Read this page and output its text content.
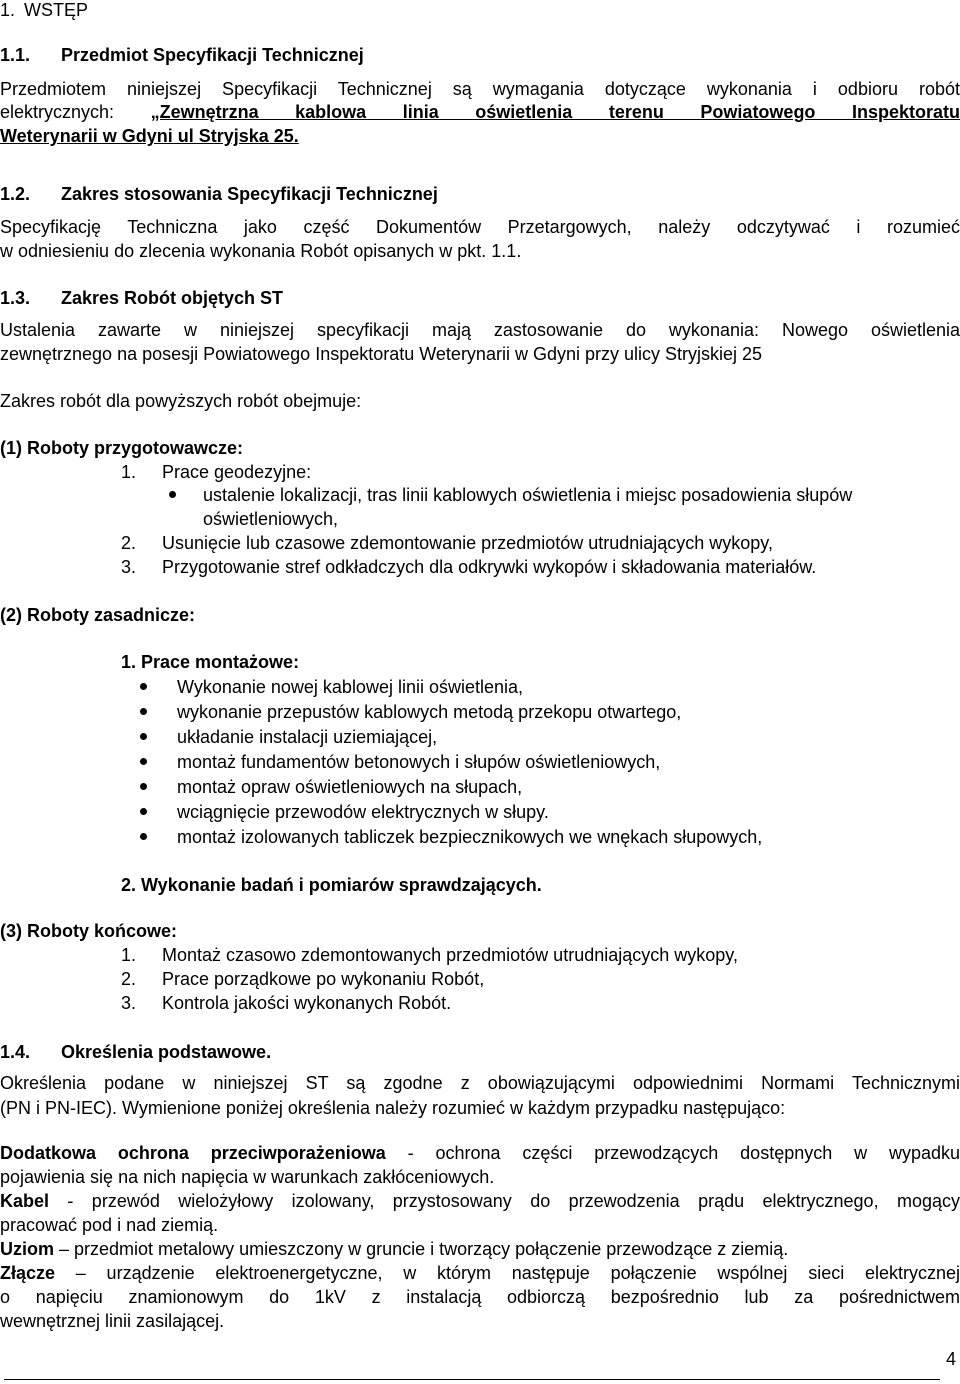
1. WSTĘP
1.1. Przedmiot Specyfikacji Technicznej
Przedmiotem niniejszej Specyfikacji Technicznej są wymagania dotyczące wykonania i odbioru robót
elektrycznych: „Zewnętrzna kablowa linia oświetlenia terenu Powiatowego Inspektoratu
Weterynarii w Gdyni ul Stryjska 25.
1.2. Zakres stosowania Specyfikacji Technicznej
Specyfikację Techniczna jako część Dokumentów Przetargowych, należy odczytywać i rozumieć
w odniesieniu do zlecenia wykonania Robót opisanych w pkt. 1.1.
1.3. Zakres Robót objętych ST
Ustalenia zawarte w niniejszej specyfikacji mają zastosowanie do wykonania: Nowego oświetlenia
zewnętrznego na posesji Powiatowego Inspektoratu Weterynarii w Gdyni przy ulicy Stryjskiej 25
Zakres robót dla powyższych robót obejmuje:
(1) Roboty przygotowawcze:
1. Prace geodezyjne:
ustalenie lokalizacji, tras linii kablowych oświetlenia i miejsc posadowienia słupów
oświetleniowych,
2. Usunięcie lub czasowe zdemontowanie przedmiotów utrudniających wykopy,
3. Przygotowanie stref odkładczych dla odkrywki wykopów i składowania materiałów.
(2) Roboty zasadnicze:
1. Prace montażowe:
Wykonanie nowej kablowej linii oświetlenia,
wykonanie przepustów kablowych metodą przekopu otwartego,
układanie instalacji uziemiającej,
montaż fundamentów betonowych i słupów oświetleniowych,
montaż opraw oświetleniowych na słupach,
wciągnięcie przewodów elektrycznych w słupy.
montaż izolowanych tabliczek bezpiecznikowych we wnękach słupowych,
2. Wykonanie badań i pomiarów sprawdzających.
(3) Roboty końcowe:
1. Montaż czasowo zdemontowanych przedmiotów utrudniających wykopy,
2. Prace porządkowe po wykonaniu Robót,
3. Kontrola jakości wykonanych Robót.
1.4. Określenia podstawowe.
Określenia podane w niniejszej ST są zgodne z obowiązującymi odpowiednimi Normami Technicznymi
(PN i PN-IEC). Wymienione poniżej określenia należy rozumieć w każdym przypadku następująco:
Dodatkowa ochrona przeciwporażeniowa - ochrona części przewodzących dostępnych w wypadku
pojawienia się na nich napięcia w warunkach zakłóceniowych.
Kabel - przewód wielożyłowy izolowany, przystosowany do przewodzenia prądu elektrycznego, mogący
pracować pod i nad ziemią.
Uziom – przedmiot metalowy umieszczony w gruncie i tworzący połączenie przewodzące z ziemią.
Złącze – urządzenie elektroenergetyczne, w którym następuje połączenie wspólnej sieci elektrycznej
o napięciu znamionowym do 1kV z instalacją odbiorczą bezpośrednio lub za pośrednictwem
wewnętrznej linii zasilającej.
4
